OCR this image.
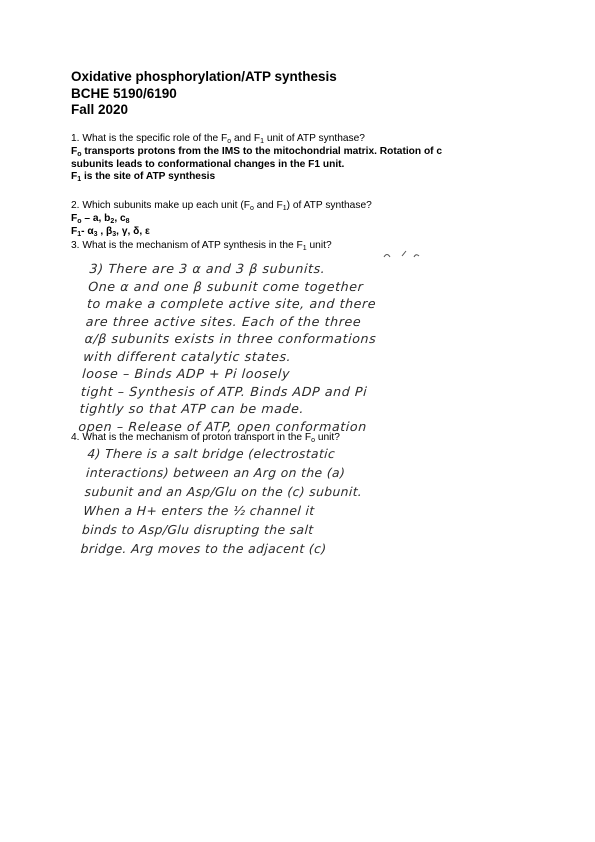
Oxidative phosphorylation/ATP synthesis
BCHE 5190/6190
Fall 2020
1. What is the specific role of the $F_o$ and $F_1$ unit of ATP synthase?
$F_o$ transports protons from the IMS to the mitochondrial matrix. Rotation of c
subunits leads to conformational changes in the F1 unit.
$F_1$ is the site of ATP synthesis
2. Which subunits make up each unit ($F_o$ and $F_1$) of ATP synthase?
$F_o$ – a, $b_2$, $c_8$
$F_1-$ $\alpha_3$ , $\beta_3$, γ, δ, ε
3. What is the mechanism of ATP synthesis in the $F_1$ unit?
3) There are 3 α and 3 β subunits.
One α and one β subunit come together
to make a complete active site, and there
are three active sites. Each of the three
α/β subunits exists in three conformations
with different catalytic states.
loose – Binds ADP + Pi loosely
tight – Synthesis of ATP. Binds ADP and Pi
tightly so that ATP can be made.
open – Release of ATP, open conformation
4. What is the mechanism of proton transport in the $F_o$ unit?
4) There is a salt bridge (electrostatic
interactions) between an Arg on the (a)
subunit and an Asp/Glu on the (c) subunit.
When a H+ enters the ½ channel it
binds to Asp/Glu disrupting the salt
bridge. Arg moves to the adjacent (c)
